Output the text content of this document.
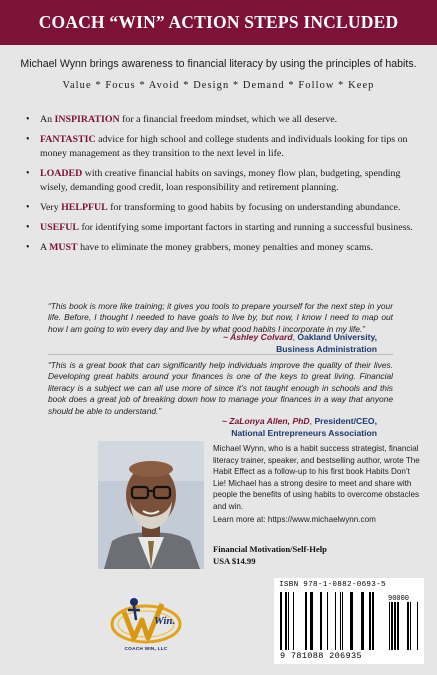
COACH “WIN” ACTION STEPS INCLUDED
Michael Wynn brings awareness to financial literacy by using the principles of habits.
Value * Focus * Avoid * Design * Demand * Follow * Keep
• An INSPIRATION for a financial freedom mindset, which we all deserve.
• FANTASTIC advice for high school and college students and individuals looking for tips on money management as they transition to the next level in life.
• LOADED with creative financial habits on savings, money flow plan, budgeting, spending wisely, demanding good credit, loan responsibility and retirement planning.
• Very HELPFUL for transforming to good habits by focusing on understanding abundance.
• USEFUL for identifying some important factors in starting and running a successful business.
• A MUST have to eliminate the money grabbers, money penalties and money scams.
“This book is more like training; it gives you tools to prepare yourself for the next step in your life. Before, I thought I needed to have goals to live by, but now, I know I need to map out how I am going to win every day and live by what good habits I incorporate in my life.”
~ Ashley Colvard, Oakland University,
Business Administration
“This is a great book that can significantly help individuals improve the quality of their lives. Developing great habits around your finances is one of the keys to great living. Financial literacy is a subject we can all use more of since it’s not taught enough in schools and this book does a great job of breaking down how to manage your finances in a way that anyone should be able to understand.”
~ ZaLonya Allen, PhD, President/CEO,
National Entrepreneurs Association
Michael Wynn, who is a habit success strategist, financial literacy trainer, speaker, and bestselling author, wrote The Habit Effect as a follow-up to his first book Habits Don’t Lie! Michael has a strong desire to meet and share with people the benefits of using habits to overcome obstacles and win.
Learn more at: https://www.michaelwynn.com
Financial Motivation/Self-Help
USA $14.99
Win.
COACH WIN, LLC
ISBN 978-1-0882-0693-5
90000
9 781088 206935
